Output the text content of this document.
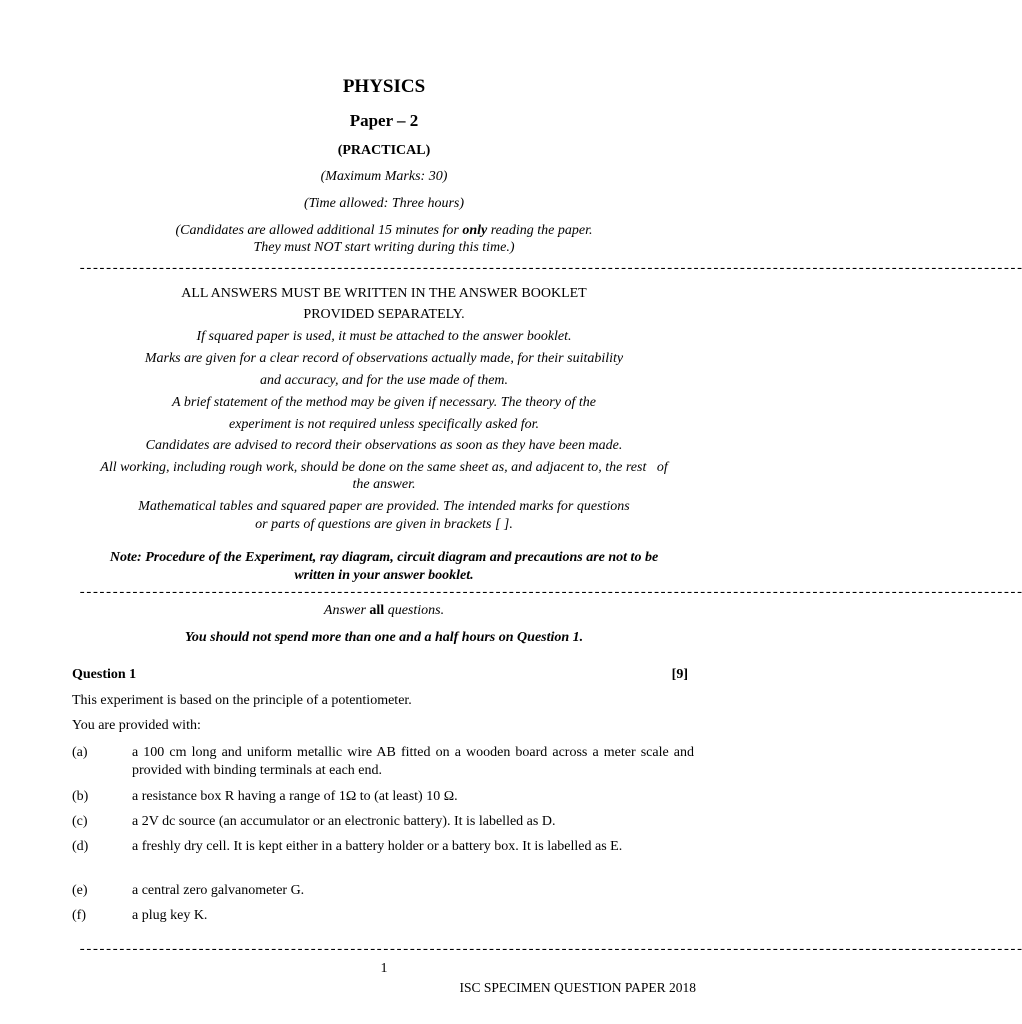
PHYSICS
Paper – 2
(PRACTICAL)
(Maximum Marks: 30)
(Time allowed: Three hours)
(Candidates are allowed additional 15 minutes for only reading the paper.
They must NOT start writing during this time.)
-----------------------------------------------------------------------------------------------------------------------------------------------
ALL ANSWERS MUST BE WRITTEN IN THE ANSWER BOOKLET
PROVIDED SEPARATELY.
If squared paper is used, it must be attached to the answer booklet.
Marks are given for a clear record of observations actually made, for their suitability
and accuracy, and for the use made of them.
A brief statement of the method may be given if necessary. The theory of the
experiment is not required unless specifically asked for.
Candidates are advised to record their observations as soon as they have been made.
All working, including rough work, should be done on the same sheet as, and adjacent to, the rest   of
the answer.
Mathematical tables and squared paper are provided. The intended marks for questions
or parts of questions are given in brackets [ ].
Note: Procedure of the Experiment, ray diagram, circuit diagram and precautions are not to be
written in your answer booklet.
-----------------------------------------------------------------------------------------------------------------------------------------------
Answer all questions.
You should not spend more than one and a half hours on Question 1.
Question 1	[9]
This experiment is based on the principle of a potentiometer.
You are provided with:
(a)	a 100 cm long and uniform metallic wire AB fitted on a wooden board across a meter scale and provided with binding terminals at each end.
(b)	a resistance box R having a range of 1Ω to (at least) 10 Ω.
(c)	a 2V dc source (an accumulator or an electronic battery). It is labelled as D.
(d)	a freshly dry cell. It is kept either in a battery holder or a battery box. It is labelled as E.
(e)	a central zero galvanometer G.
(f)	a plug key K.
-----------------------------------------------------------------------------------------------------------------------------------------------
1
ISC SPECIMEN QUESTION PAPER 2018
